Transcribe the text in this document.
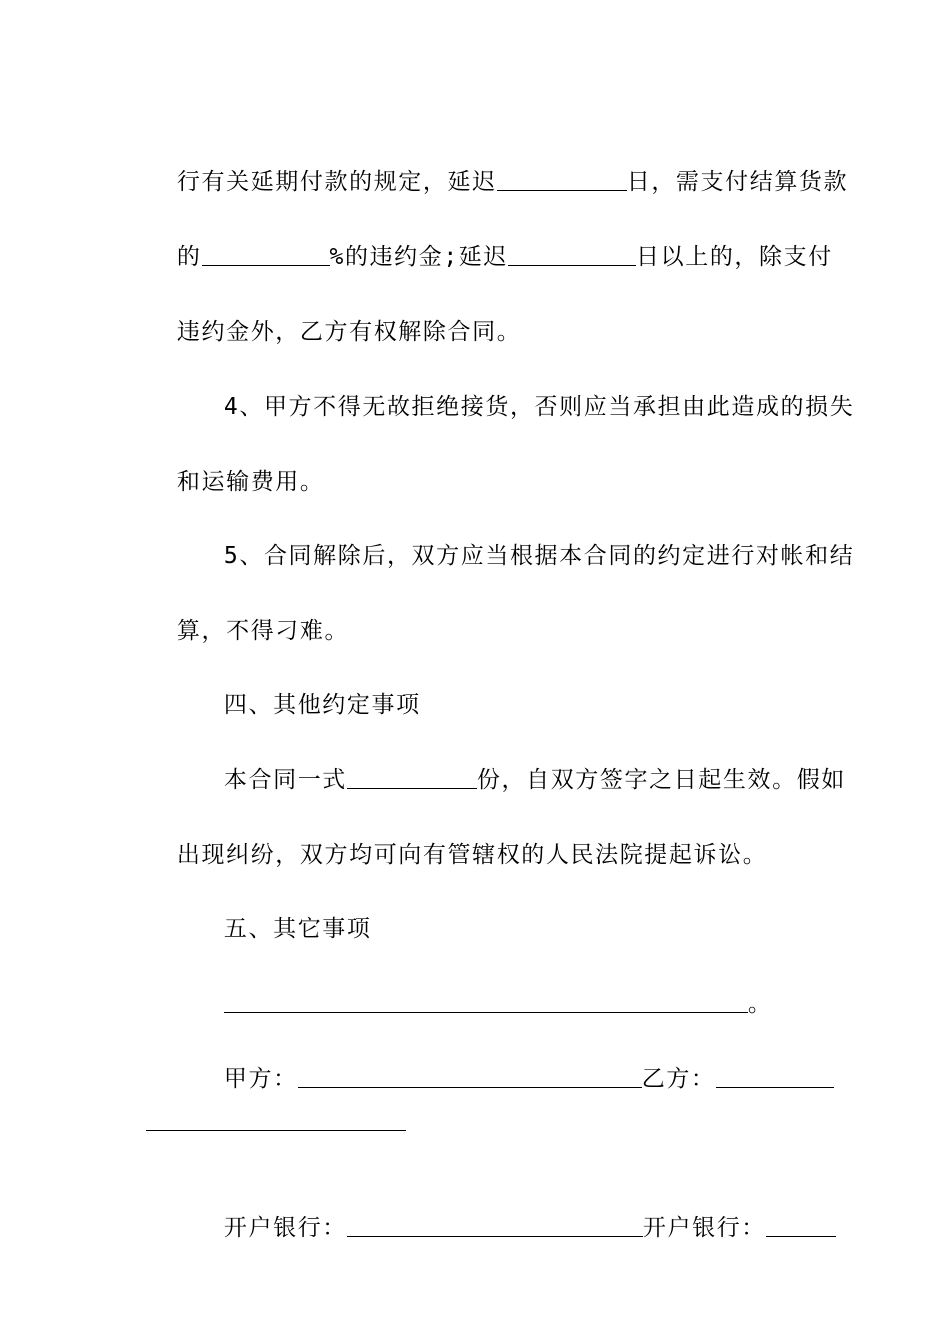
行有关延期付款的规定，延迟	日，需支付结算货款

的	%的违约金;延迟	日以上的，除支付

违约金外，乙方有权解除合同。

4、甲方不得无故拒绝接货，否则应当承担由此造成的损失

和运输费用。

5、合同解除后，双方应当根据本合同的约定进行对帐和结

算，不得刁难。

四、其他约定事项

本合同一式	份，自双方签字之日起生效。假如

出现纠纷，双方均可向有管辖权的人民法院提起诉讼。

五、其它事项

。

甲方：	乙方：

开户银行：	开户银行：
